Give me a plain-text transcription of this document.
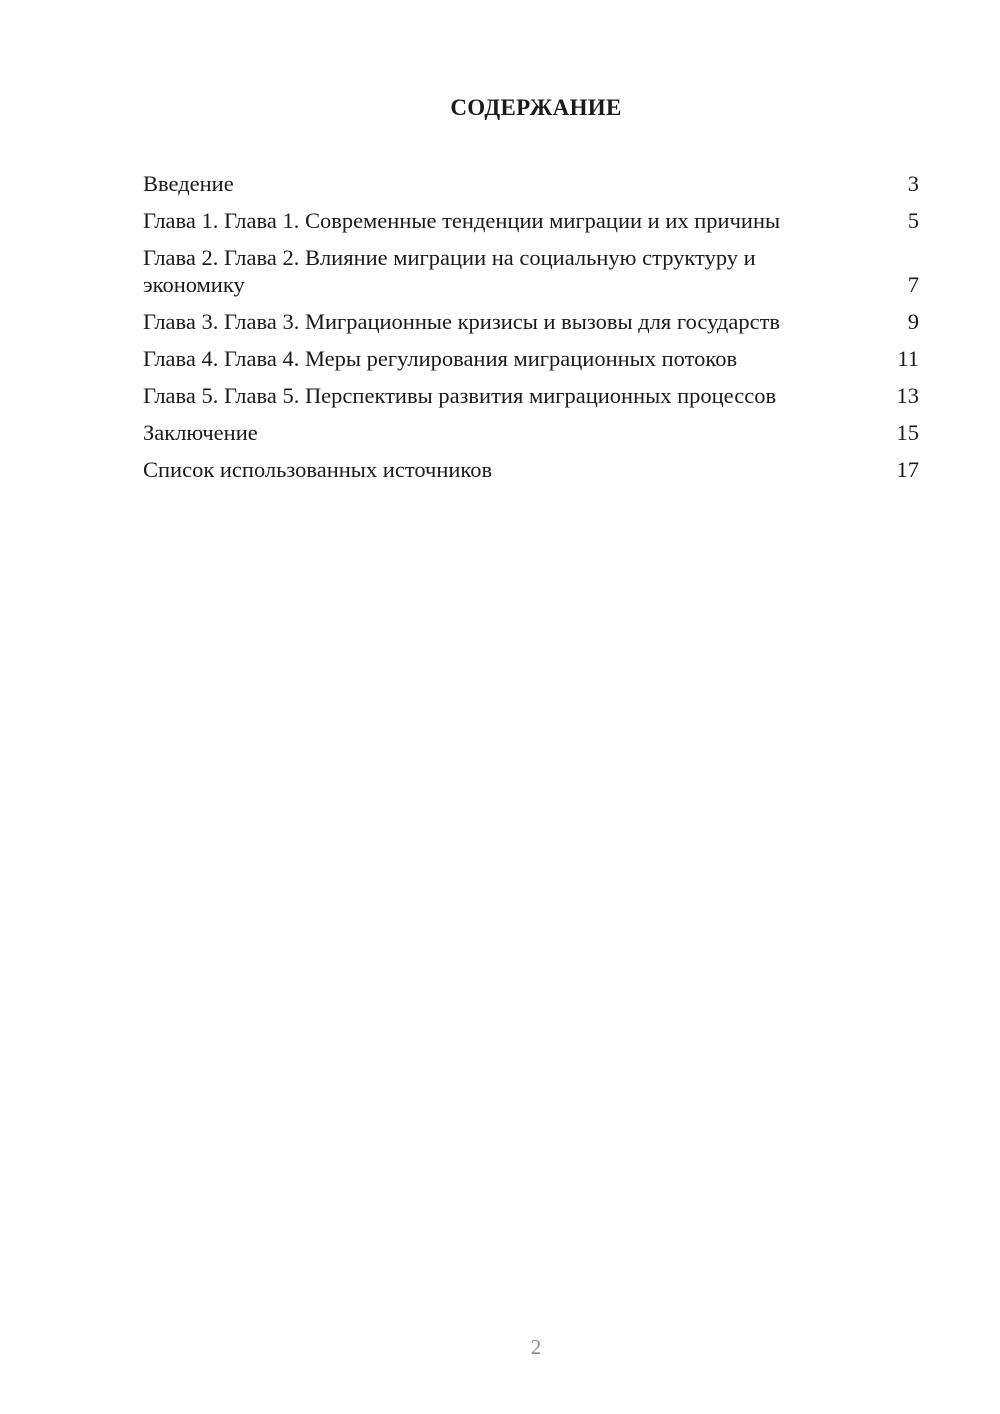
СОДЕРЖАНИЕ
Введение	3
Глава 1. Глава 1. Современные тенденции миграции и их причины	5
Глава 2. Глава 2. Влияние миграции на социальную структуру и экономику	7
Глава 3. Глава 3. Миграционные кризисы и вызовы для государств	9
Глава 4. Глава 4. Меры регулирования миграционных потоков	11
Глава 5. Глава 5. Перспективы развития миграционных процессов	13
Заключение	15
Список использованных источников	17
2
